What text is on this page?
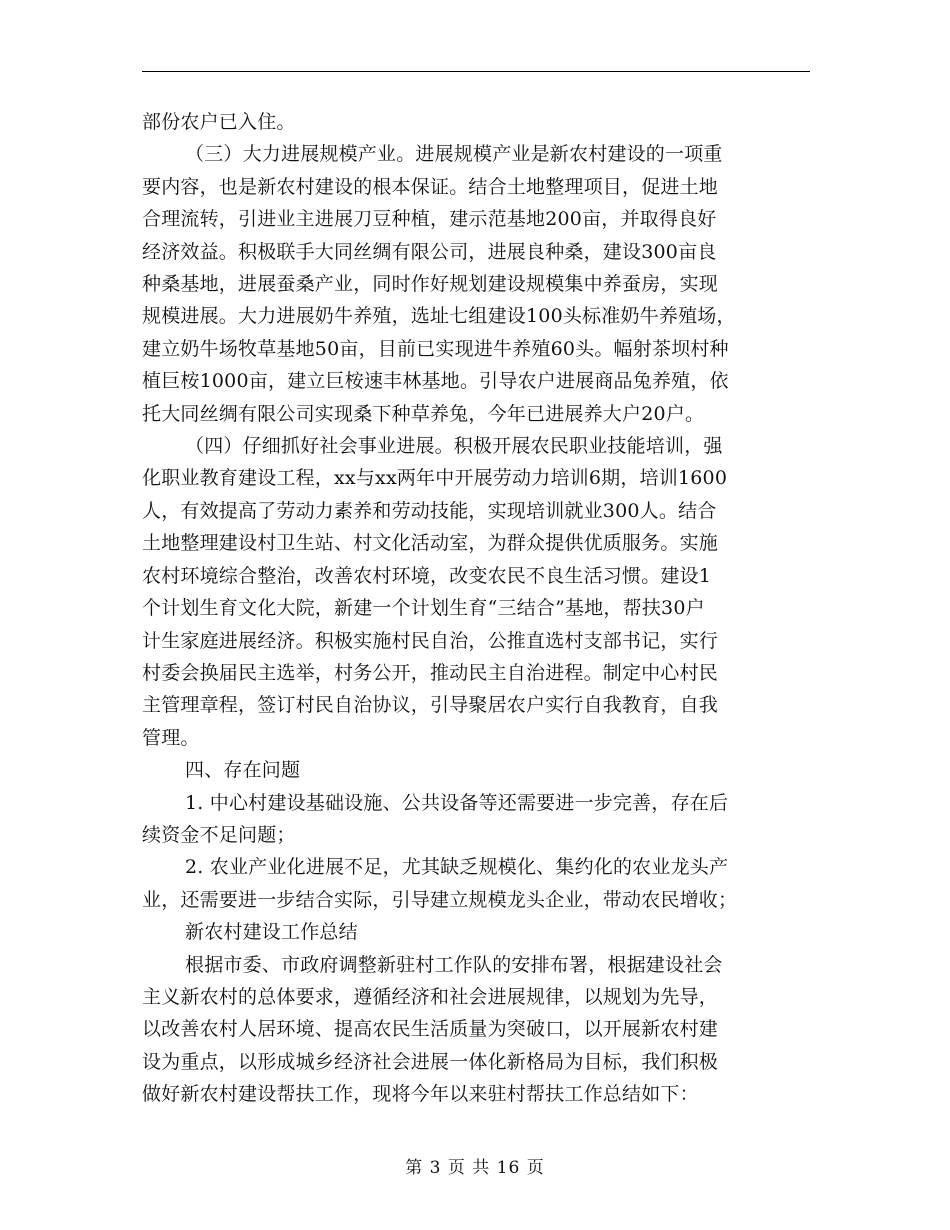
部份农户已入住。
（三）大力进展规模产业。进展规模产业是新农村建设的一项重
要内容，也是新农村建设的根本保证。结合土地整理项目，促进土地
合理流转，引进业主进展刀豆种植，建示范基地200亩，并取得良好
经济效益。积极联手大同丝绸有限公司，进展良种桑，建设300亩良
种桑基地，进展蚕桑产业，同时作好规划建设规模集中养蚕房，实现
规模进展。大力进展奶牛养殖，选址七组建设100头标准奶牛养殖场，
建立奶牛场牧草基地50亩，目前已实现进牛养殖60头。幅射茶坝村种
植巨桉1000亩，建立巨桉速丰林基地。引导农户进展商品兔养殖，依
托大同丝绸有限公司实现桑下种草养兔，今年已进展养大户20户。
（四）仔细抓好社会事业进展。积极开展农民职业技能培训，强
化职业教育建设工程，xx与xx两年中开展劳动力培训6期，培训1600
人，有效提高了劳动力素养和劳动技能，实现培训就业300人。结合
土地整理建设村卫生站、村文化活动室，为群众提供优质服务。实施
农村环境综合整治，改善农村环境，改变农民不良生活习惯。建设1
个计划生育文化大院，新建一个计划生育“三结合”基地，帮扶30户
计生家庭进展经济。积极实施村民自治，公推直选村支部书记，实行
村委会换届民主选举，村务公开，推动民主自治进程。制定中心村民
主管理章程，签订村民自治协议，引导聚居农户实行自我教育，自我
管理。
四、存在问题
1. 中心村建设基础设施、公共设备等还需要进一步完善，存在后
续资金不足问题；
2. 农业产业化进展不足，尤其缺乏规模化、集约化的农业龙头产
业，还需要进一步结合实际，引导建立规模龙头企业，带动农民增收；
新农村建设工作总结
根据市委、市政府调整新驻村工作队的安排布署，根据建设社会
主义新农村的总体要求，遵循经济和社会进展规律，以规划为先导，
以改善农村人居环境、提高农民生活质量为突破口，以开展新农村建
设为重点，以形成城乡经济社会进展一体化新格局为目标，我们积极
做好新农村建设帮扶工作，现将今年以来驻村帮扶工作总结如下：

第 3 页 共 16 页
